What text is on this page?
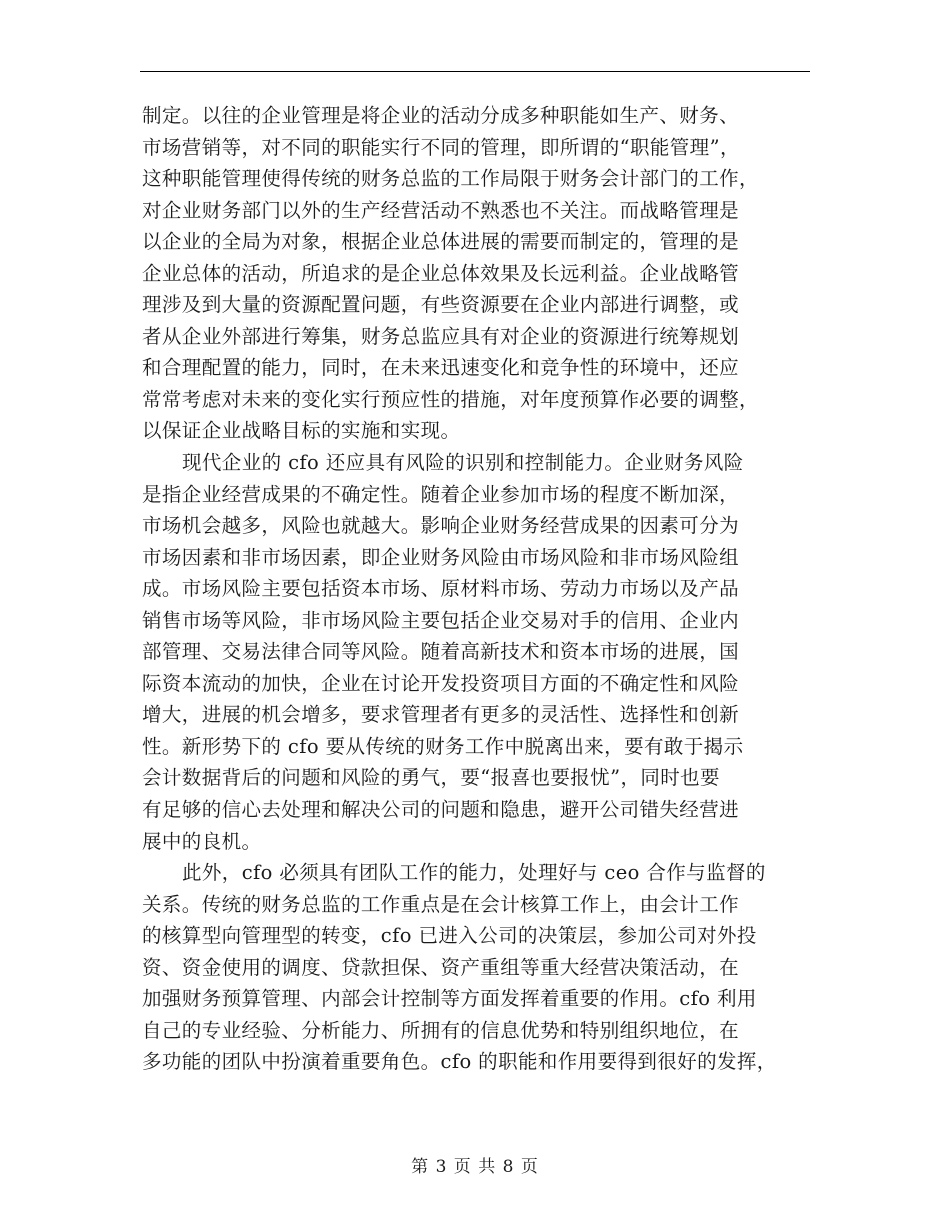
制定。以往的企业管理是将企业的活动分成多种职能如生产、财务、
市场营销等，对不同的职能实行不同的管理，即所谓的“职能管理”，
这种职能管理使得传统的财务总监的工作局限于财务会计部门的工作，
对企业财务部门以外的生产经营活动不熟悉也不关注。而战略管理是
以企业的全局为对象，根据企业总体进展的需要而制定的，管理的是
企业总体的活动，所追求的是企业总体效果及长远利益。企业战略管
理涉及到大量的资源配置问题，有些资源要在企业内部进行调整，或
者从企业外部进行筹集，财务总监应具有对企业的资源进行统筹规划
和合理配置的能力，同时，在未来迅速变化和竞争性的环境中，还应
常常考虑对未来的变化实行预应性的措施，对年度预算作必要的调整，
以保证企业战略目标的实施和实现。
现代企业的 cfo 还应具有风险的识别和控制能力。企业财务风险
是指企业经营成果的不确定性。随着企业参加市场的程度不断加深，
市场机会越多，风险也就越大。影响企业财务经营成果的因素可分为
市场因素和非市场因素，即企业财务风险由市场风险和非市场风险组
成。市场风险主要包括资本市场、原材料市场、劳动力市场以及产品
销售市场等风险，非市场风险主要包括企业交易对手的信用、企业内
部管理、交易法律合同等风险。随着高新技术和资本市场的进展，国
际资本流动的加快，企业在讨论开发投资项目方面的不确定性和风险
增大，进展的机会增多，要求管理者有更多的灵活性、选择性和创新
性。新形势下的 cfo 要从传统的财务工作中脱离出来，要有敢于揭示
会计数据背后的问题和风险的勇气，要“报喜也要报忧”，同时也要
有足够的信心去处理和解决公司的问题和隐患，避开公司错失经营进
展中的良机。
此外，cfo 必须具有团队工作的能力，处理好与 ceo 合作与监督的
关系。传统的财务总监的工作重点是在会计核算工作上，由会计工作
的核算型向管理型的转变，cfo 已进入公司的决策层，参加公司对外投
资、资金使用的调度、贷款担保、资产重组等重大经营决策活动，在
加强财务预算管理、内部会计控制等方面发挥着重要的作用。cfo 利用
自己的专业经验、分析能力、所拥有的信息优势和特别组织地位，在
多功能的团队中扮演着重要角色。cfo 的职能和作用要得到很好的发挥，
第 3 页 共 8 页
